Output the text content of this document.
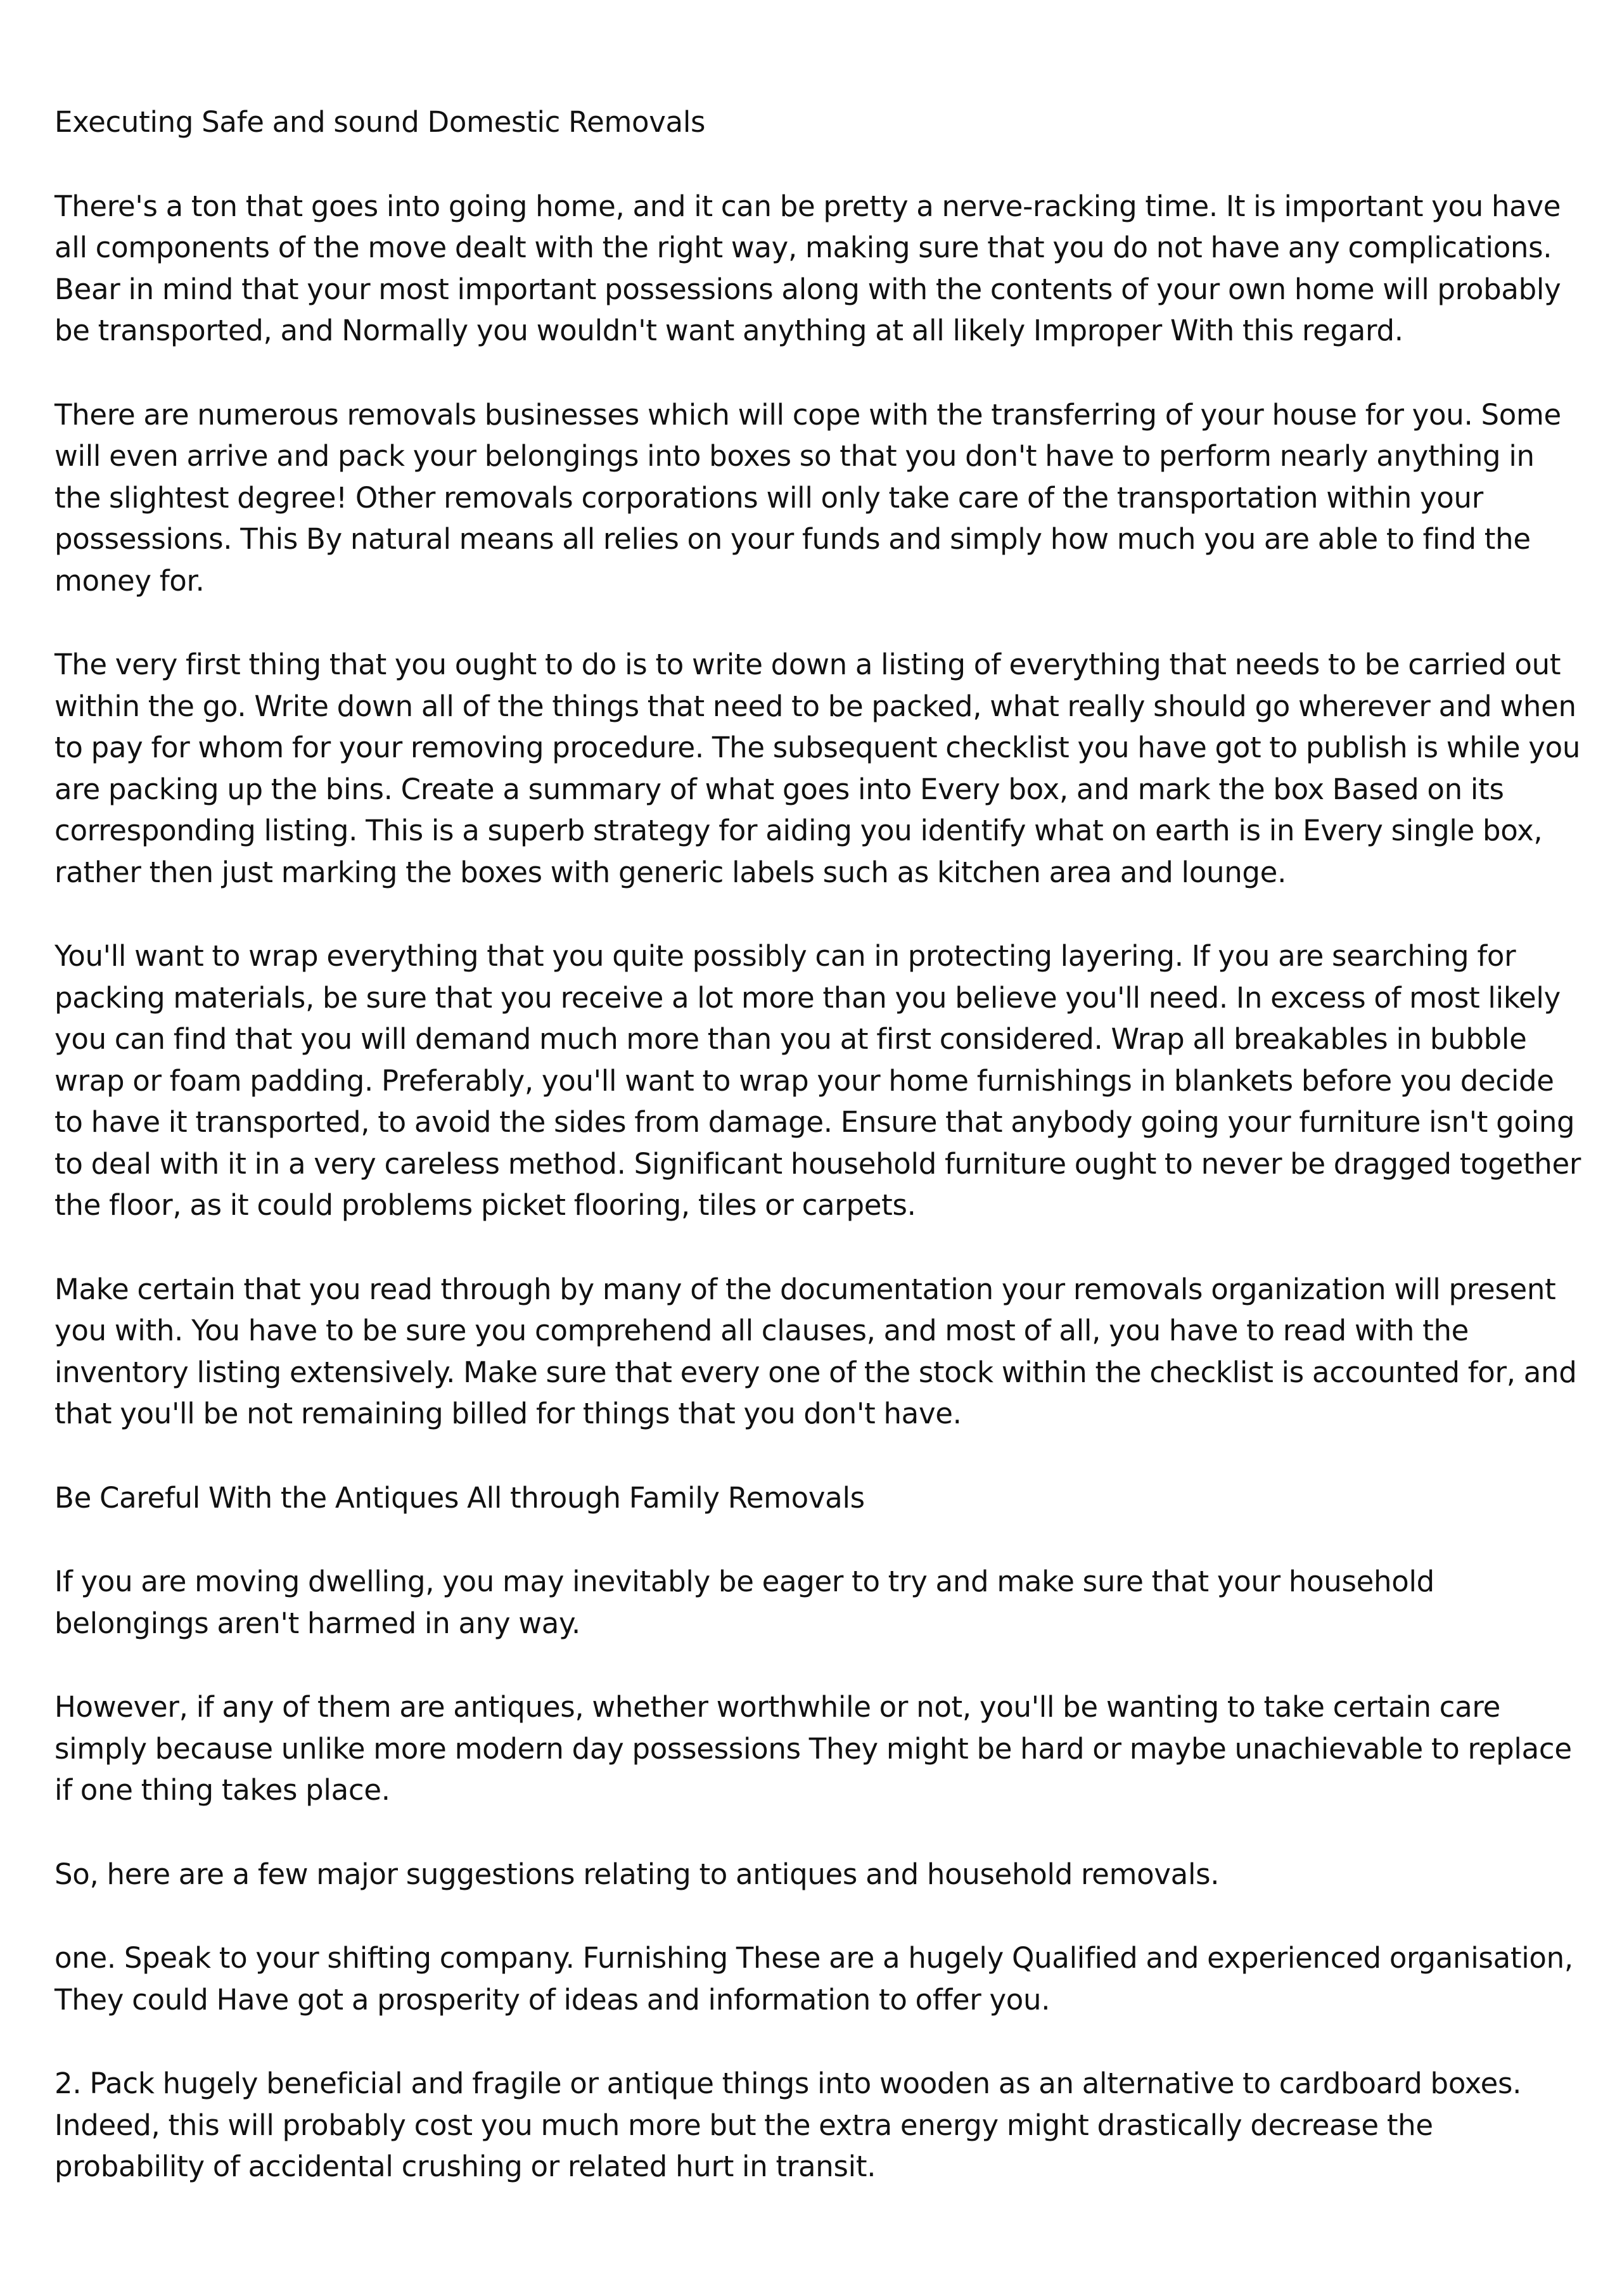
Executing Safe and sound Domestic Removals

There's a ton that goes into going home, and it can be pretty a nerve-racking time. It is important you have all components of the move dealt with the right way, making sure that you do not have any complications. Bear in mind that your most important possessions along with the contents of your own home will probably be transported, and Normally you wouldn't want anything at all likely Improper With this regard.

There are numerous removals businesses which will cope with the transferring of your house for you. Some will even arrive and pack your belongings into boxes so that you don't have to perform nearly anything in the slightest degree! Other removals corporations will only take care of the transportation within your possessions. This By natural means all relies on your funds and simply how much you are able to find the money for.

The very first thing that you ought to do is to write down a listing of everything that needs to be carried out within the go. Write down all of the things that need to be packed, what really should go wherever and when to pay for whom for your removing procedure. The subsequent checklist you have got to publish is while you are packing up the bins. Create a summary of what goes into Every box, and mark the box Based on its corresponding listing. This is a superb strategy for aiding you identify what on earth is in Every single box, rather then just marking the boxes with generic labels such as kitchen area and lounge.

You'll want to wrap everything that you quite possibly can in protecting layering. If you are searching for packing materials, be sure that you receive a lot more than you believe you'll need. In excess of most likely you can find that you will demand much more than you at first considered. Wrap all breakables in bubble wrap or foam padding. Preferably, you'll want to wrap your home furnishings in blankets before you decide to have it transported, to avoid the sides from damage. Ensure that anybody going your furniture isn't going to deal with it in a very careless method. Significant household furniture ought to never be dragged together the floor, as it could problems picket flooring, tiles or carpets.

Make certain that you read through by many of the documentation your removals organization will present you with. You have to be sure you comprehend all clauses, and most of all, you have to read with the inventory listing extensively. Make sure that every one of the stock within the checklist is accounted for, and that you'll be not remaining billed for things that you don't have.

Be Careful With the Antiques All through Family Removals

If you are moving dwelling, you may inevitably be eager to try and make sure that your household belongings aren't harmed in any way.

However, if any of them are antiques, whether worthwhile or not, you'll be wanting to take certain care simply because unlike more modern day possessions They might be hard or maybe unachievable to replace if one thing takes place.

So, here are a few major suggestions relating to antiques and household removals.

one. Speak to your shifting company. Furnishing These are a hugely Qualified and experienced organisation, They could Have got a prosperity of ideas and information to offer you.

2. Pack hugely beneficial and fragile or antique things into wooden as an alternative to cardboard boxes. Indeed, this will probably cost you much more but the extra energy might drastically decrease the probability of accidental crushing or related hurt in transit.
